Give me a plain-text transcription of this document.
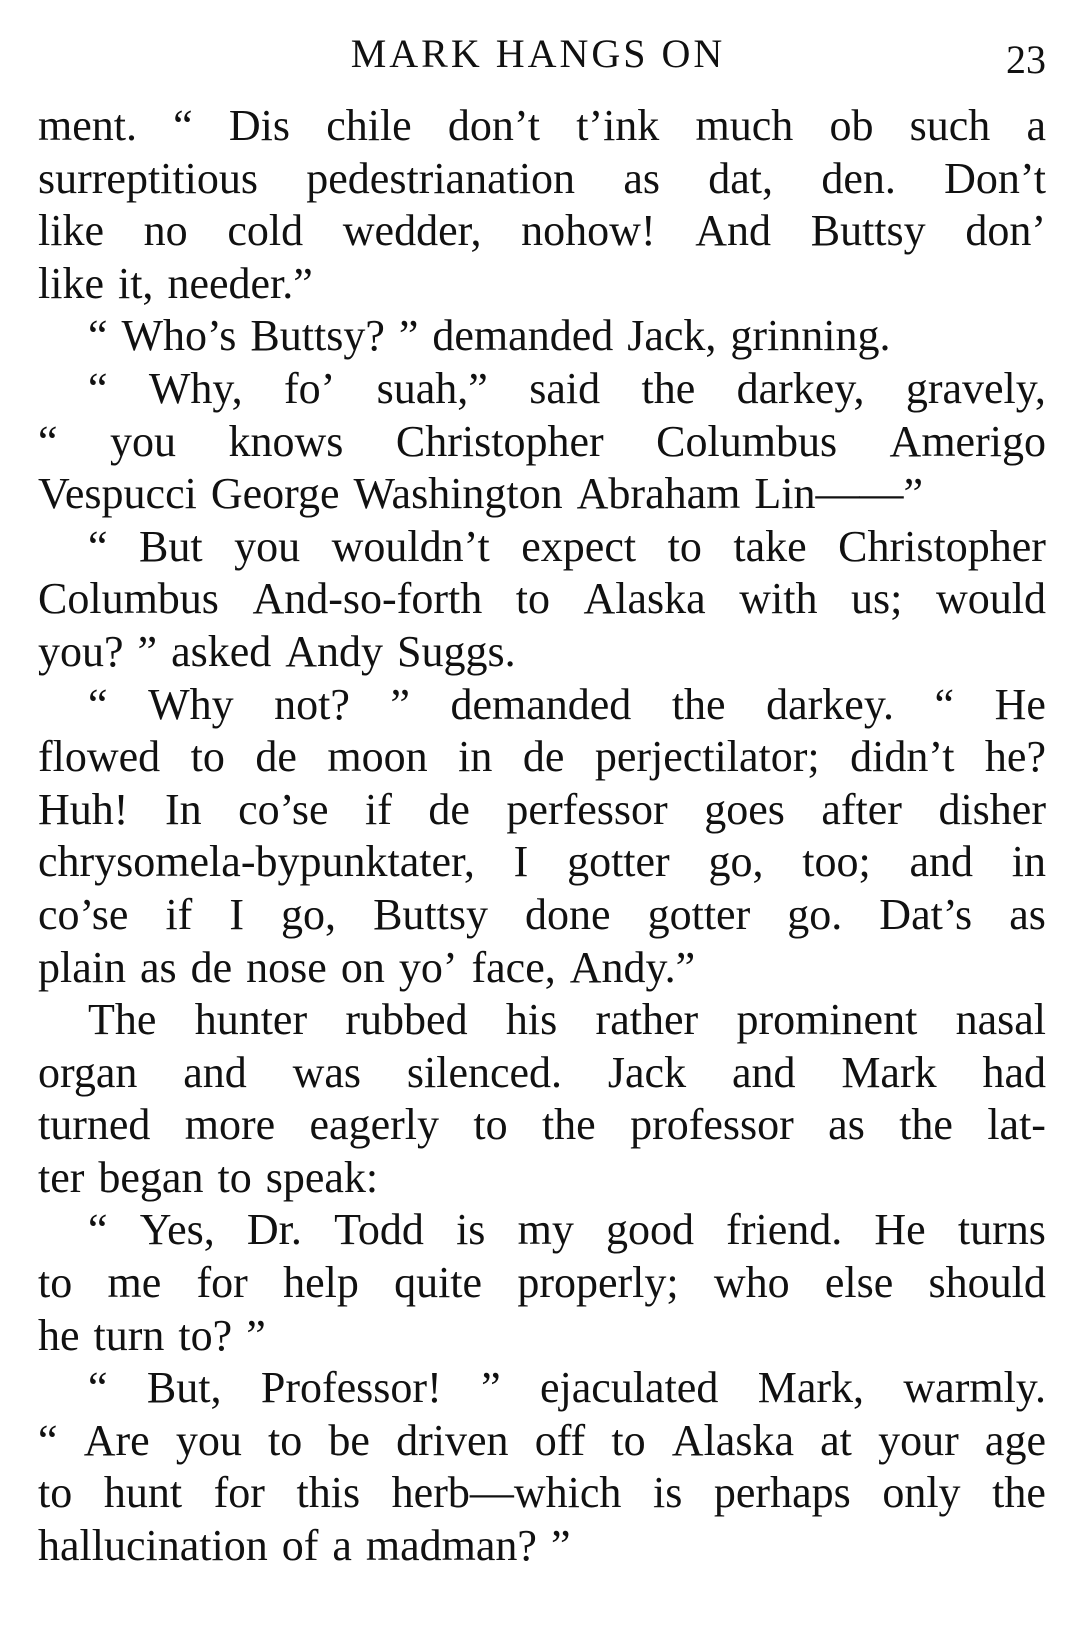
MARK HANGS ON	23
ment. “ Dis chile don’t t’ink much ob such a
surreptitious pedestrianation as dat, den. Don’t
like no cold wedder, nohow! And Buttsy don’
like it, needer.”
“ Who’s Buttsy? ” demanded Jack, grinning.
“ Why, fo’ suah,” said the darkey, gravely,
“ you knows Christopher Columbus Amerigo
Vespucci George Washington Abraham Lin——”
“ But you wouldn’t expect to take Christopher
Columbus And-so-forth to Alaska with us; would
you? ” asked Andy Suggs.
“ Why not? ” demanded the darkey. “ He
flowed to de moon in de perjectilator; didn’t he?
Huh! In co’se if de perfessor goes after disher
chrysomela-bypunktater, I gotter go, too; and in
co’se if I go, Buttsy done gotter go. Dat’s as
plain as de nose on yo’ face, Andy.”
The hunter rubbed his rather prominent nasal
organ and was silenced. Jack and Mark had
turned more eagerly to the professor as the lat-
ter began to speak:
“ Yes, Dr. Todd is my good friend. He turns
to me for help quite properly; who else should
he turn to? ”
“ But, Professor! ” ejaculated Mark, warmly.
“ Are you to be driven off to Alaska at your age
to hunt for this herb—which is perhaps only the
hallucination of a madman? ”
